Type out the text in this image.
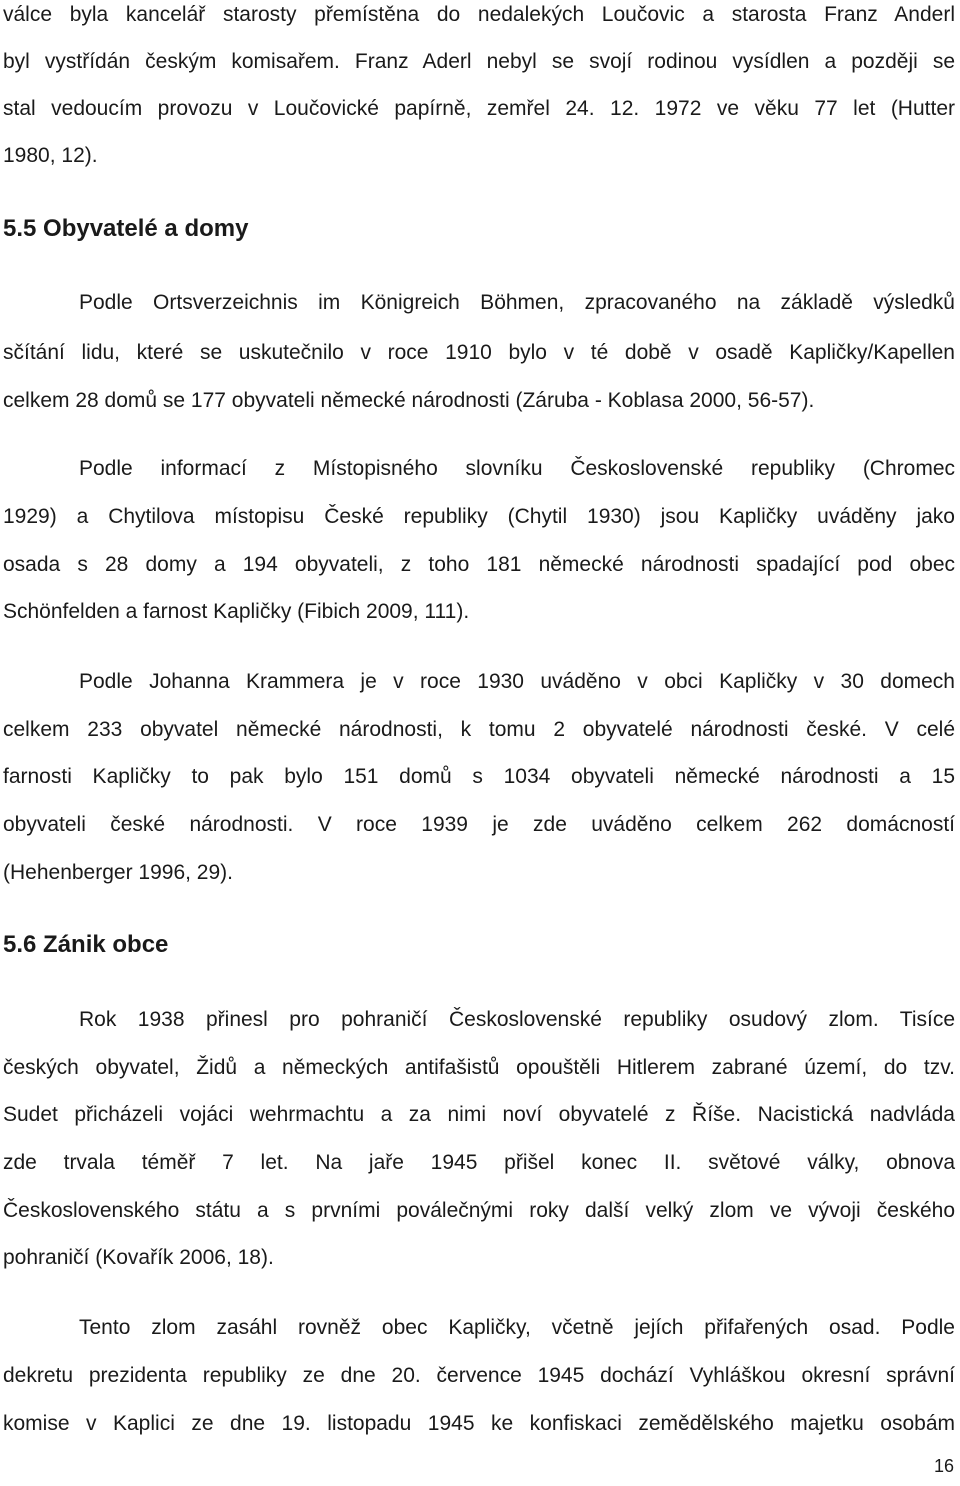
válce byla kancelář starosty přemístěna do nedalekých Loučovic a starosta Franz Anderl
byl vystřídán českým komisařem. Franz Aderl nebyl se svojí rodinou vysídlen a později se
stal vedoucím provozu v Loučovické papírně, zemřel 24. 12. 1972 ve věku 77 let (Hutter
1980, 12).
5.5 Obyvatelé a domy
Podle Ortsverzeichnis im Königreich Böhmen, zpracovaného na základě výsledků
sčítání lidu, které se uskutečnilo v roce 1910 bylo v té době v osadě Kapličky/Kapellen
celkem 28 domů se 177 obyvateli německé národnosti (Záruba - Koblasa 2000, 56-57).
Podle informací z Místopisného slovníku Československé republiky (Chromec
1929) a Chytilova místopisu České republiky (Chytil 1930) jsou Kapličky uváděny jako
osada s 28 domy a 194 obyvateli, z toho 181 německé národnosti spadající pod obec
Schönfelden a farnost Kapličky (Fibich 2009, 111).
Podle Johanna Krammera je v roce 1930 uváděno v obci Kapličky v 30 domech
celkem 233 obyvatel německé národnosti, k tomu 2 obyvatelé národnosti české. V celé
farnosti Kapličky to pak bylo 151 domů s 1034 obyvateli německé národnosti a 15
obyvateli české národnosti. V roce 1939 je zde uváděno celkem 262 domácností
(Hehenberger 1996, 29).
5.6 Zánik obce
Rok 1938 přinesl pro pohraničí Československé republiky osudový zlom. Tisíce
českých obyvatel, Židů a německých antifašistů opouštěli Hitlerem zabrané území, do tzv.
Sudet přicházeli vojáci wehrmachtu a za nimi noví obyvatelé z Říše. Nacistická nadvláda
zde trvala téměř 7 let. Na jaře 1945 přišel konec II. světové války, obnova
Československého státu a s prvními poválečnými roky další velký zlom ve vývoji českého
pohraničí (Kovařík 2006, 18).
Tento zlom zasáhl rovněž obec Kapličky, včetně jejích přifařených osad. Podle
dekretu prezidenta republiky ze dne 20. července 1945 dochází Vyhláškou okresní správní
komise v Kaplici ze dne 19. listopadu 1945 ke konfiskaci zemědělského majetku osobám
16
